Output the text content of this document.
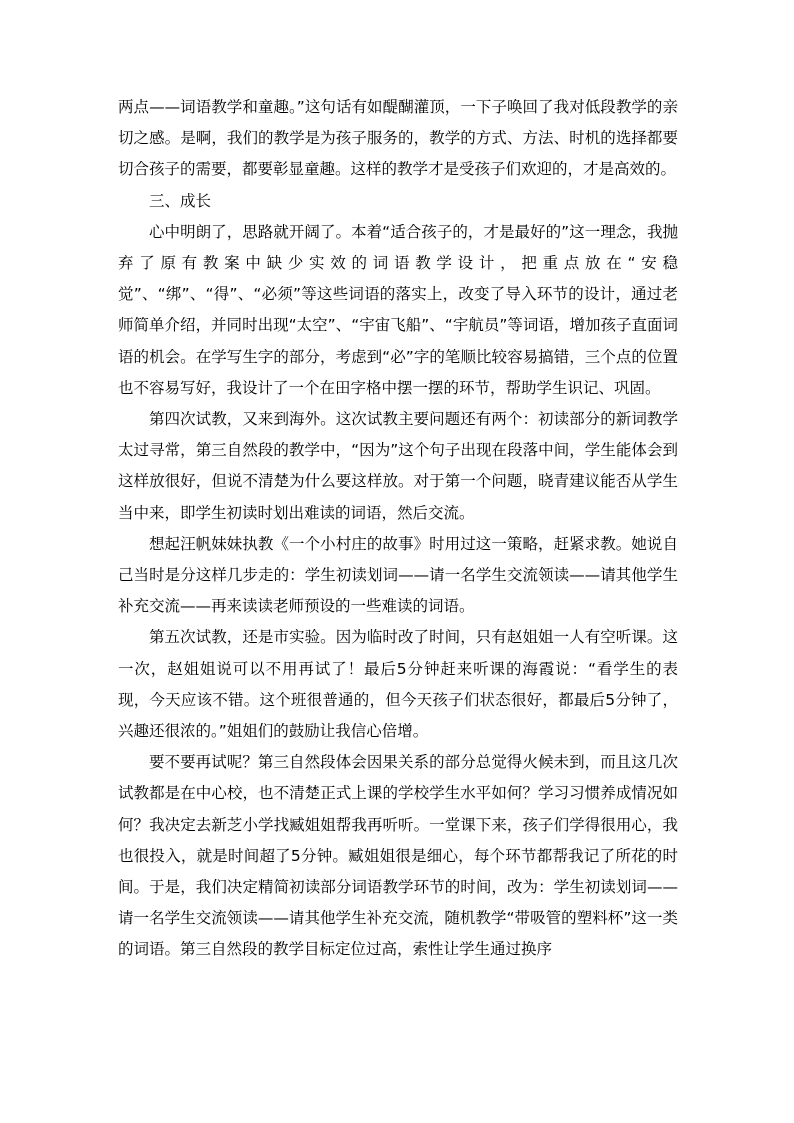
两点——词语教学和童趣。”这句话有如醍醐灌顶，一下子唤回了我对低段教学的亲切之感。是啊，我们的教学是为孩子服务的，教学的方式、方法、时机的选择都要切合孩子的需要，都要彰显童趣。这样的教学才是受孩子们欢迎的，才是高效的。

三、成长

心中明朗了，思路就开阔了。本着“适合孩子的，才是最好的”这一理念，我抛弃了原有教案中缺少实效的词语教学设计，把重点放在“安稳觉”、“绑”、“得”、“必须”等这些词语的落实上，改变了导入环节的设计，通过老师简单介绍，并同时出现“太空”、“宇宙飞船”、“宇航员”等词语，增加孩子直面词语的机会。在学写生字的部分，考虑到“必”字的笔顺比较容易搞错，三个点的位置也不容易写好，我设计了一个在田字格中摆一摆的环节，帮助学生识记、巩固。

第四次试教，又来到海外。这次试教主要问题还有两个：初读部分的新词教学太过寻常，第三自然段的教学中，“因为”这个句子出现在段落中间，学生能体会到这样放很好，但说不清楚为什么要这样放。对于第一个问题，晓青建议能否从学生当中来，即学生初读时划出难读的词语，然后交流。

想起汪帆妹妹执教《一个小村庄的故事》时用过这一策略，赶紧求教。她说自己当时是分这样几步走的：学生初读划词——请一名学生交流领读——请其他学生补充交流——再来读读老师预设的一些难读的词语。

第五次试教，还是市实验。因为临时改了时间，只有赵姐姐一人有空听课。这一次，赵姐姐说可以不用再试了！最后5分钟赶来听课的海霞说：“看学生的表现，今天应该不错。这个班很普通的，但今天孩子们状态很好，都最后5分钟了，兴趣还很浓的。”姐姐们的鼓励让我信心倍增。

要不要再试呢？第三自然段体会因果关系的部分总觉得火候未到，而且这几次试教都是在中心校，也不清楚正式上课的学校学生水平如何？学习习惯养成情况如何？我决定去新芝小学找臧姐姐帮我再听听。一堂课下来，孩子们学得很用心，我也很投入，就是时间超了5分钟。臧姐姐很是细心，每个环节都帮我记了所花的时间。于是，我们决定精简初读部分词语教学环节的时间，改为：学生初读划词——请一名学生交流领读——请其他学生补充交流，随机教学“带吸管的塑料杯”这一类的词语。第三自然段的教学目标定位过高，索性让学生通过换序
